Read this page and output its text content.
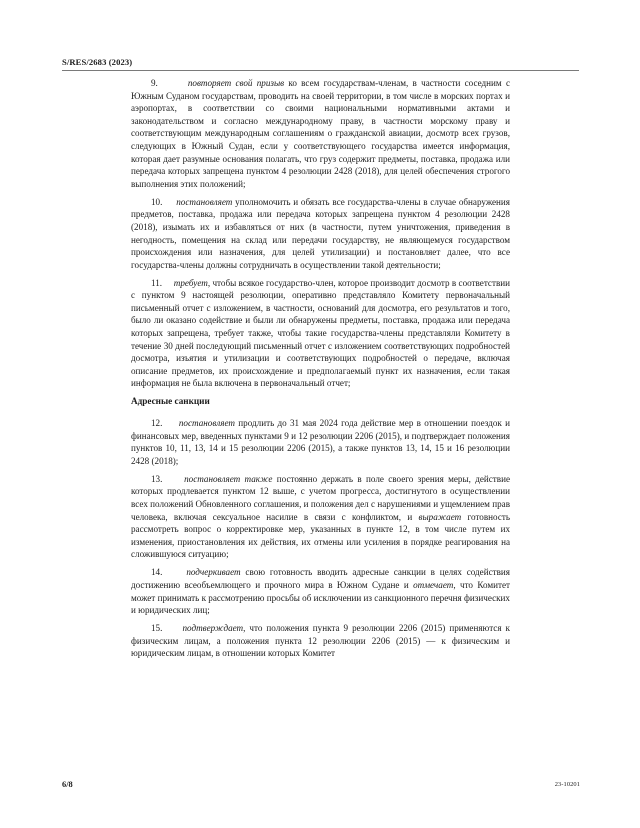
S/RES/2683 (2023)

9.       повторяет свой призыв ко всем государствам-членам, в частности соседним с Южным Суданом государствам, проводить на своей территории, в том числе в морских портах и аэропортах, в соответствии со своими национальными нормативными актами и законодательством и согласно международному праву, в частности морскому праву и соответствующим международным соглашениям о гражданской авиации, досмотр всех грузов, следующих в Южный Судан, если у соответствующего государства имеется информация, которая дает разумные основания полагать, что груз содержит предметы, поставка, продажа или передача которых запрещена пунктом 4 резолюции 2428 (2018), для целей обеспечения строгого выполнения этих положений;

10.     постановляет уполномочить и обязать все государства-члены в случае обнаружения предметов, поставка, продажа или передача которых запрещена пунктом 4 резолюции 2428 (2018), изымать их и избавляться от них (в частности, путем уничтожения, приведения в негодность, помещения на склад или передачи государству, не являющемуся государством происхождения или назначения, для целей утилизации) и постановляет далее, что все государства-члены должны сотрудничать в осуществлении такой деятельности;

11.     требует, чтобы всякое государство-член, которое производит досмотр в соответствии с пунктом 9 настоящей резолюции, оперативно представляло Комитету первоначальный письменный отчет с изложением, в частности, оснований для досмотра, его результатов и того, было ли оказано содействие и были ли обнаружены предметы, поставка, продажа или передача которых запрещена, требует также, чтобы такие государства-члены представляли Комитету в течение 30 дней последующий письменный отчет с изложением соответствующих подробностей досмотра, изъятия и утилизации и соответствующих подробностей о передаче, включая описание предметов, их происхождение и предполагаемый пункт их назначения, если такая информация не была включена в первоначальный отчет;

Адресные санкции

12.     постановляет продлить до 31 мая 2024 года действие мер в отношении поездок и финансовых мер, введенных пунктами 9 и 12 резолюции 2206 (2015), и подтверждает положения пунктов 10, 11, 13, 14 и 15 резолюции 2206 (2015), а также пунктов 13, 14, 15 и 16 резолюции 2428 (2018);

13.     постановляет также постоянно держать в поле своего зрения меры, действие которых продлевается пунктом 12 выше, с учетом прогресса, достигнутого в осуществлении всех положений Обновленного соглашения, и положения дел с нарушениями и ущемлением прав человека, включая сексуальное насилие в связи с конфликтом, и выражает готовность рассмотреть вопрос о корректировке мер, указанных в пункте 12, в том числе путем их изменения, приостановления их действия, их отмены или усиления в порядке реагирования на сложившуюся ситуацию;

14.     подчеркивает свою готовность вводить адресные санкции в целях содействия достижению всеобъемлющего и прочного мира в Южном Судане и отмечает, что Комитет может принимать к рассмотрению просьбы об исключении из санкционного перечня физических и юридических лиц;

15.     подтверждает, что положения пункта 9 резолюции 2206 (2015) применяются к физическим лицам, а положения пункта 12 резолюции 2206 (2015) — к физическим и юридическим лицам, в отношении которых Комитет

6/8	23-10201
